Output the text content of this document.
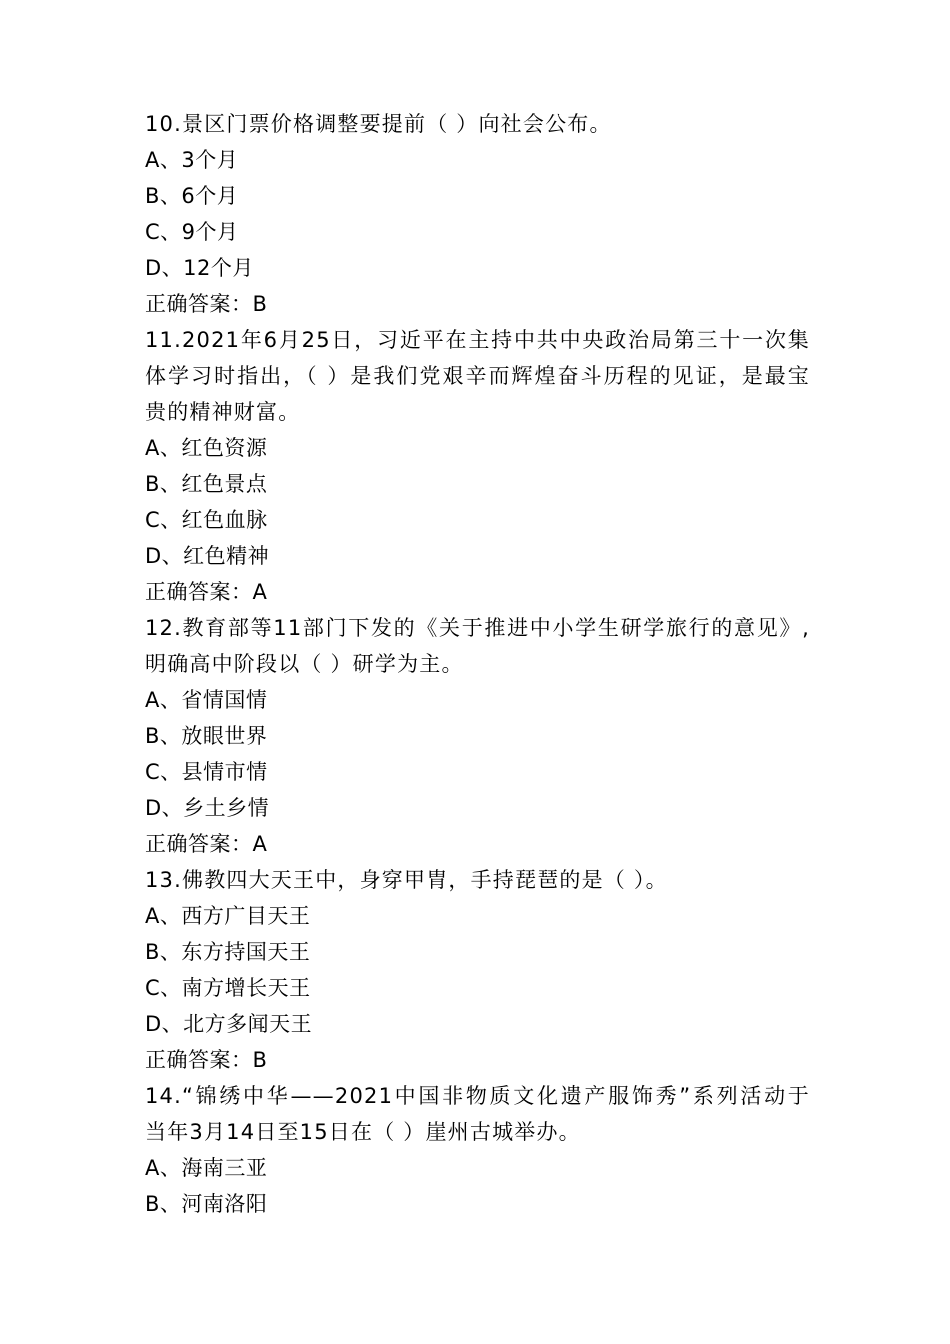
10.景区门票价格调整要提前（ ）向社会公布。
A、3个月
B、6个月
C、9个月
D、12个月
正确答案：B
11.2021年6月25日，习近平在主持中共中央政治局第三十一次集
体学习时指出，（ ）是我们党艰辛而辉煌奋斗历程的见证，是最宝
贵的精神财富。
A、红色资源
B、红色景点
C、红色血脉
D、红色精神
正确答案：A
12.教育部等11部门下发的《关于推进中小学生研学旅行的意见》,
明确高中阶段以（ ）研学为主。
A、省情国情
B、放眼世界
C、县情市情
D、乡土乡情
正确答案：A
13.佛教四大天王中，身穿甲胄，手持琵琶的是（ ）。
A、西方广目天王
B、东方持国天王
C、南方增长天王
D、北方多闻天王
正确答案：B
14.“锦绣中华——2021中国非物质文化遗产服饰秀”系列活动于
当年3月14日至15日在（ ）崖州古城举办。
A、海南三亚
B、河南洛阳
